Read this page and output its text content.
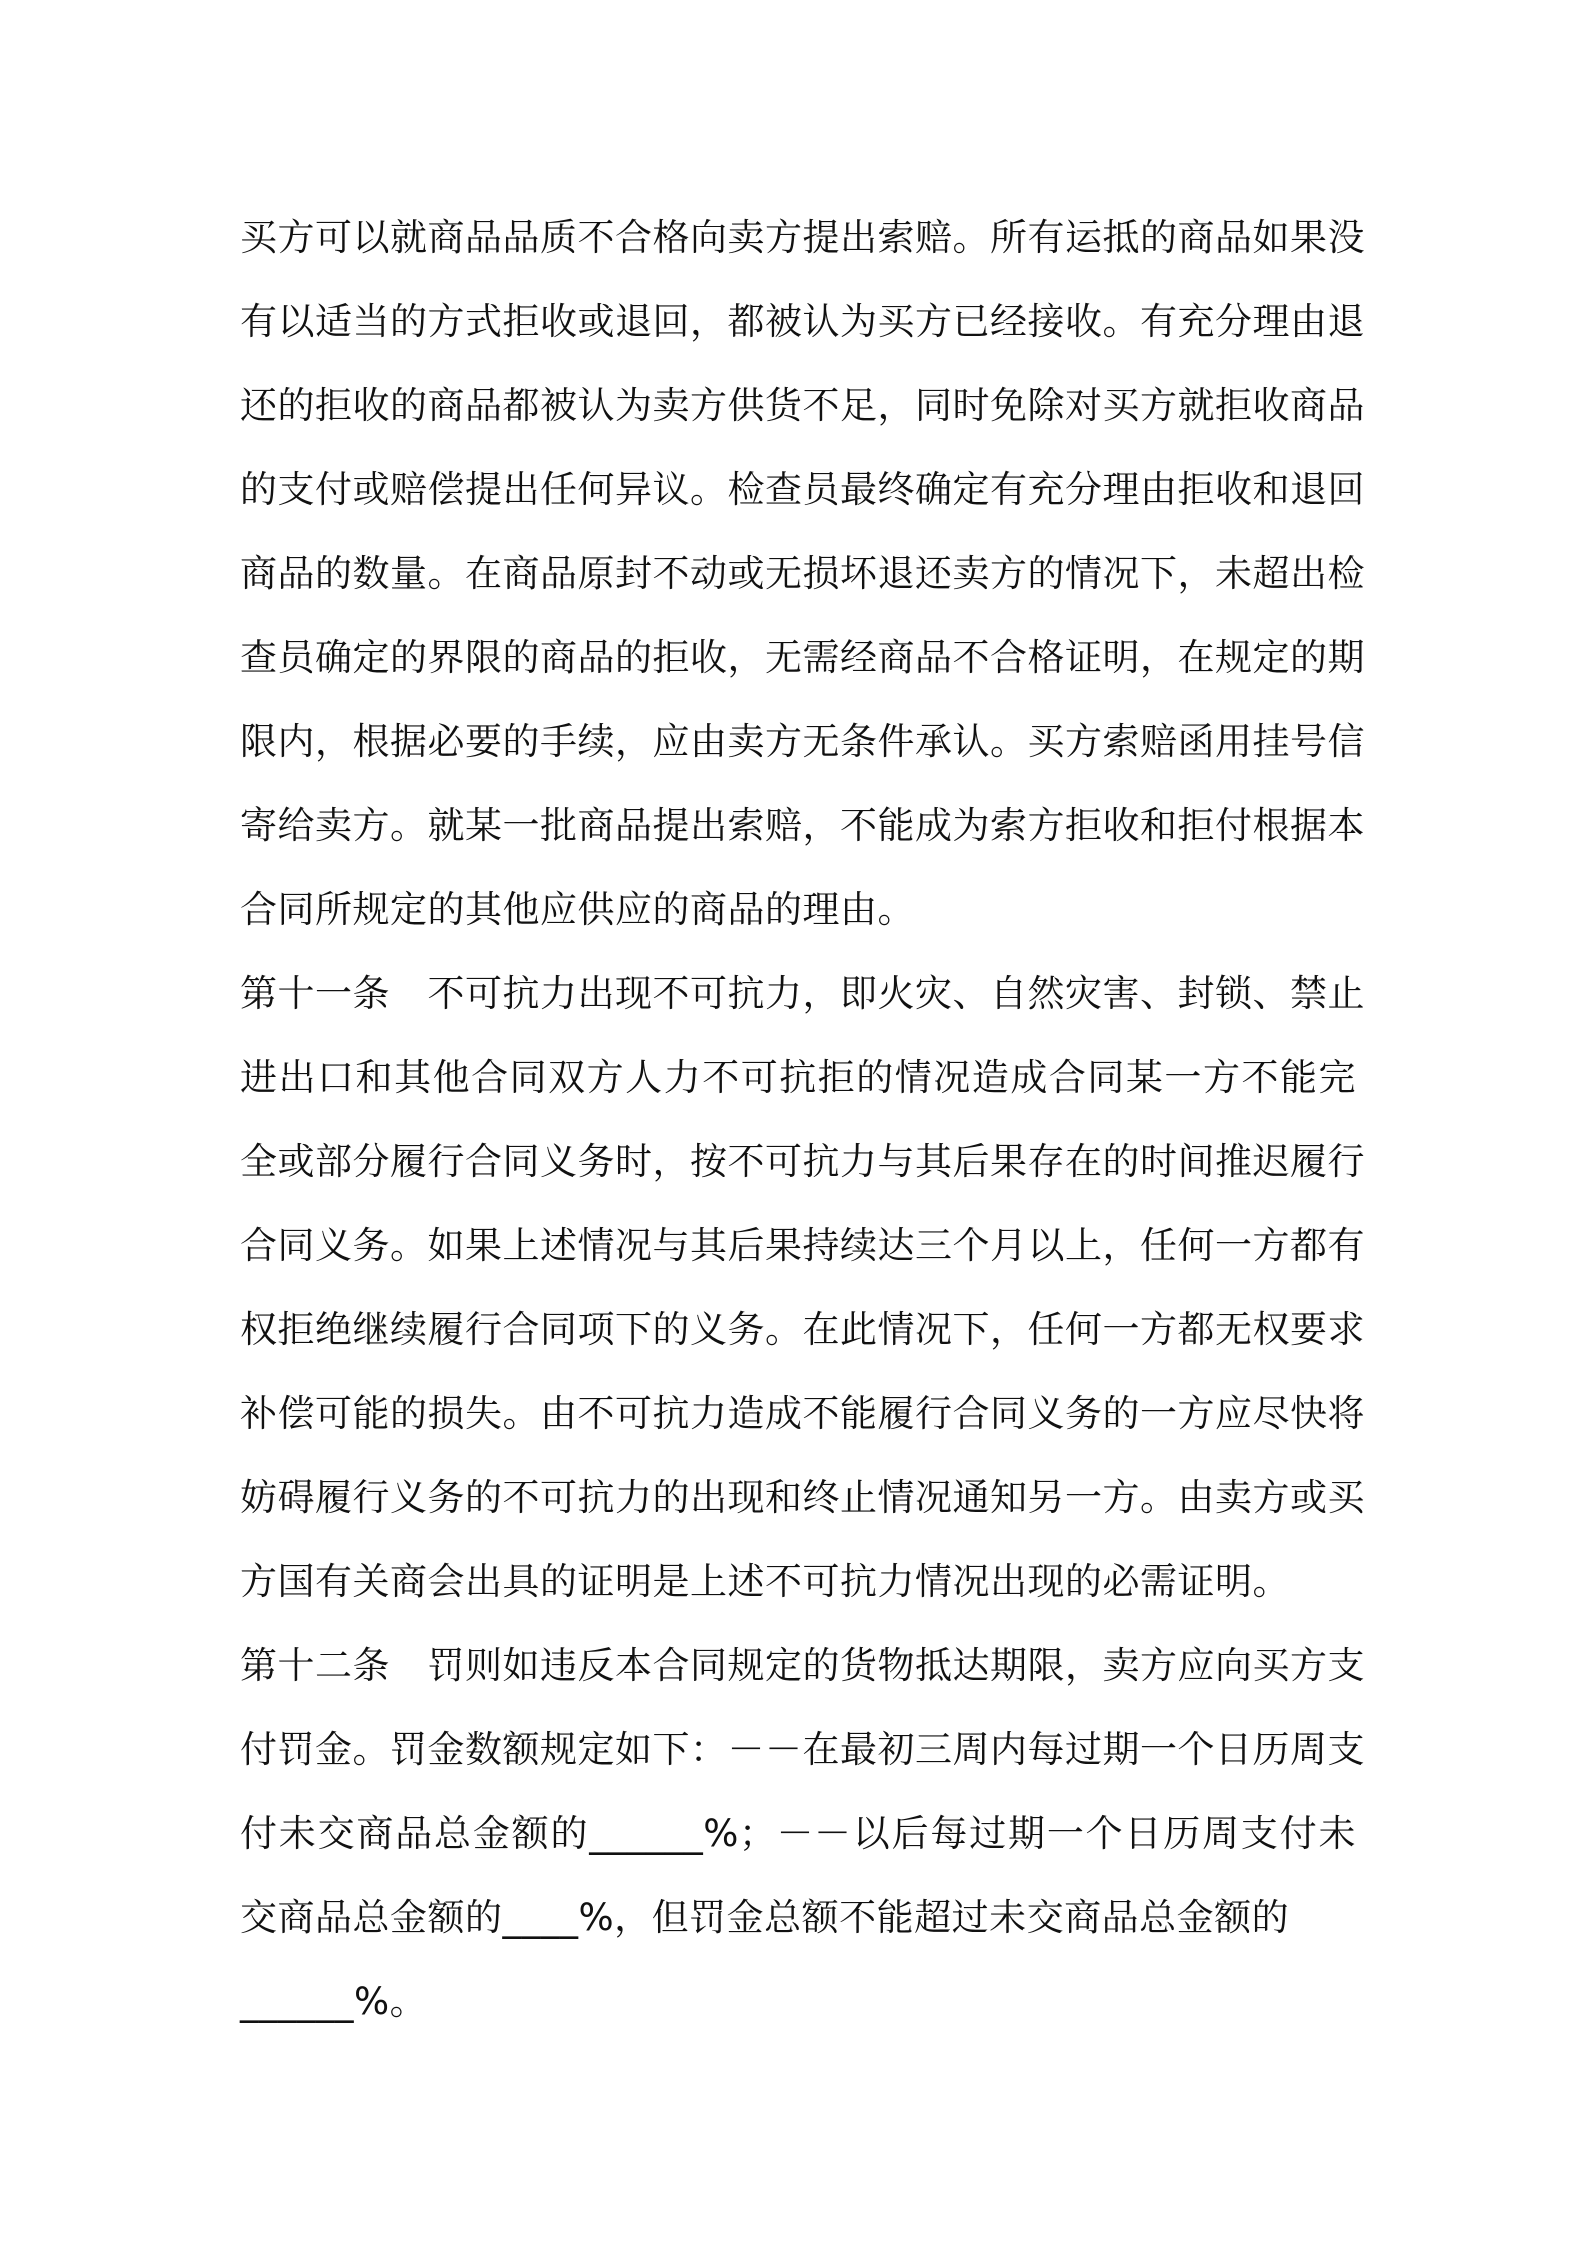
买方可以就商品品质不合格向卖方提出索赔。所有运抵的商品如果没
有以适当的方式拒收或退回，都被认为买方已经接收。有充分理由退
还的拒收的商品都被认为卖方供货不足，同时免除对买方就拒收商品
的支付或赔偿提出任何异议。检查员最终确定有充分理由拒收和退回
商品的数量。在商品原封不动或无损坏退还卖方的情况下，未超出检
查员确定的界限的商品的拒收，无需经商品不合格证明，在规定的期
限内，根据必要的手续，应由卖方无条件承认。买方索赔函用挂号信
寄给卖方。就某一批商品提出索赔，不能成为索方拒收和拒付根据本
合同所规定的其他应供应的商品的理由。
第十一条　不可抗力出现不可抗力，即火灾、自然灾害、封锁、禁止
进出口和其他合同双方人力不可抗拒的情况造成合同某一方不能完
全或部分履行合同义务时，按不可抗力与其后果存在的时间推迟履行
合同义务。如果上述情况与其后果持续达三个月以上，任何一方都有
权拒绝继续履行合同项下的义务。在此情况下，任何一方都无权要求
补偿可能的损失。由不可抗力造成不能履行合同义务的一方应尽快将
妨碍履行义务的不可抗力的出现和终止情况通知另一方。由卖方或买
方国有关商会出具的证明是上述不可抗力情况出现的必需证明。
第十二条　罚则如违反本合同规定的货物抵达期限，卖方应向买方支
付罚金。罚金数额规定如下：－－在最初三周内每过期一个日历周支
付未交商品总金额的______%；－－以后每过期一个日历周支付未
交商品总金额的____%，但罚金总额不能超过未交商品总金额的
______%。
